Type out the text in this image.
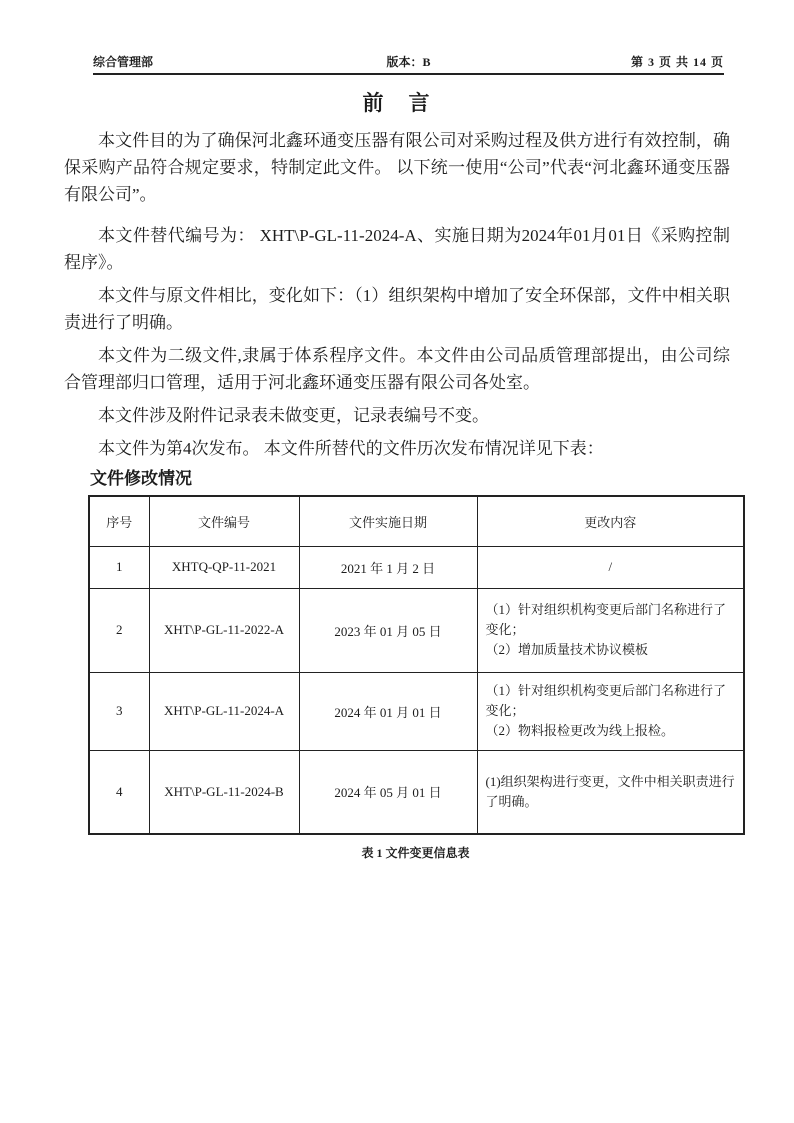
综合管理部	版本：B	第 3 页 共 14 页
前　言

本文件目的为了确保河北鑫环通变压器有限公司对采购过程及供方进行有效控制，确保采购产品符合规定要求，特制定此文件。 以下统一使用“公司”代表“河北鑫环通变压器有限公司”。

本文件替代编号为： XHT\P-GL-11-2024-A、实施日期为2024年01月01日《采购控制程序》。

本文件与原文件相比，变化如下：（1）组织架构中增加了安全环保部，文件中相关职责进行了明确。

本文件为二级文件,隶属于体系程序文件。本文件由公司品质管理部提出，由公司综合管理部归口管理，适用于河北鑫环通变压器有限公司各处室。

本文件涉及附件记录表未做变更，记录表编号不变。

本文件为第4次发布。 本文件所替代的文件历次发布情况详见下表：

文件修改情况
序号	文件编号	文件实施日期	更改内容
1	XHTQ-QP-11-2021	2021 年 1 月 2 日	/

2	XHT\P-GL-11-2022-A	2023 年 01 月 05 日	（1）针对组织机构变更后部门名称进行了变化；
（2）增加质量技术协议模板

3	XHT\P-GL-11-2024-A	2024 年 01 月 01 日	（1）针对组织机构变更后部门名称进行了变化；
（2）物料报检更改为线上报检。

4	XHT\P-GL-11-2024-B	2024 年 05 月 01 日	(1)组织架构进行变更，文件中相关职责进行了明确。
表 1 文件变更信息表
